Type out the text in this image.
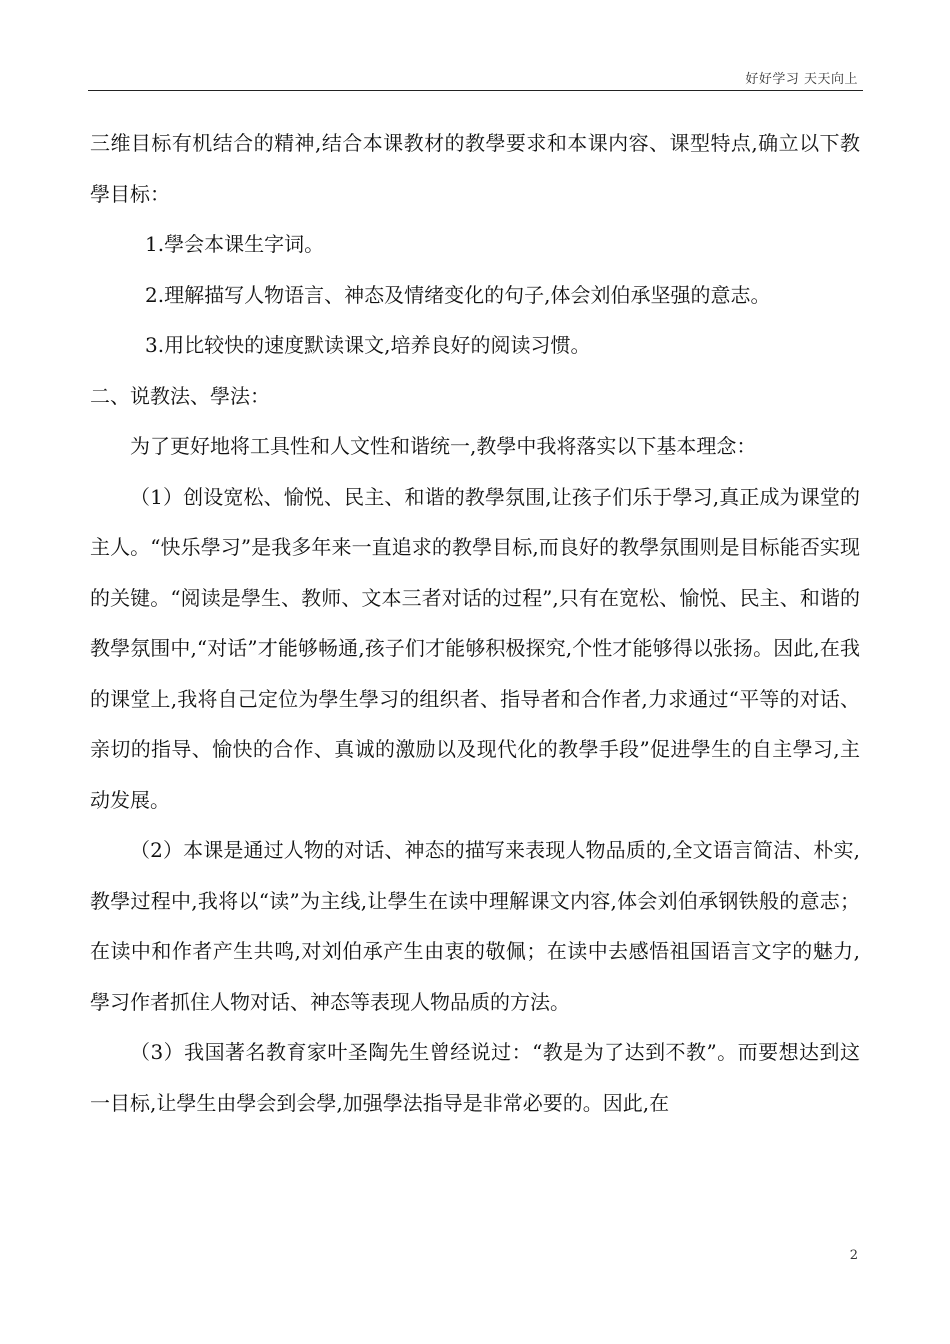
好好学习 天天向上

三维目标有机结合的精神,结合本课教材的教學要求和本课内容、课型特点,确立以下教學目标：

1.學会本课生字词。

2.理解描写人物语言、神态及情绪变化的句子,体会刘伯承坚强的意志。

3.用比较快的速度默读课文,培养良好的阅读习惯。

二、说教法、學法：

为了更好地将工具性和人文性和谐统一,教學中我将落实以下基本理念：

（1）创设宽松、愉悦、民主、和谐的教學氛围,让孩子们乐于學习,真正成为课堂的主人。“快乐學习”是我多年来一直追求的教學目标,而良好的教學氛围则是目标能否实现的关键。“阅读是學生、教师、文本三者对话的过程”,只有在宽松、愉悦、民主、和谐的教學氛围中,“对话”才能够畅通,孩子们才能够积极探究,个性才能够得以张扬。因此,在我的课堂上,我将自己定位为學生學习的组织者、指导者和合作者,力求通过“平等的对话、亲切的指导、愉快的合作、真诚的激励以及现代化的教學手段”促进學生的自主學习,主动发展。

（2）本课是通过人物的对话、神态的描写来表现人物品质的,全文语言简洁、朴实,教學过程中,我将以“读”为主线,让學生在读中理解课文内容,体会刘伯承钢铁般的意志；在读中和作者产生共鸣,对刘伯承产生由衷的敬佩；在读中去感悟祖国语言文字的魅力,學习作者抓住人物对话、神态等表现人物品质的方法。

（3）我国著名教育家叶圣陶先生曾经说过：“教是为了达到不教”。而要想达到这一目标,让學生由學会到会學,加强學法指导是非常必要的。因此,在

2
